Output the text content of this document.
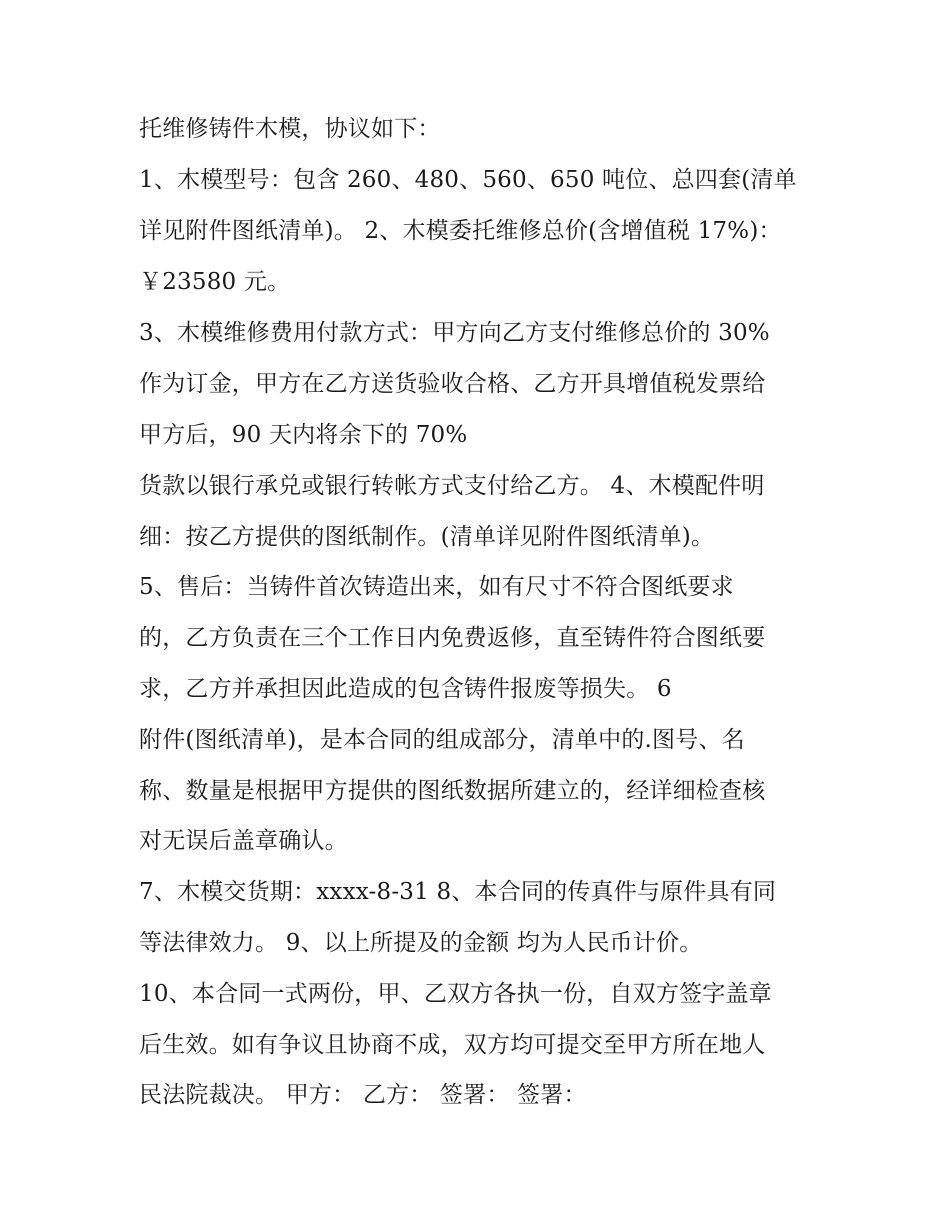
托维修铸件木模，协议如下：
1、木模型号：包含 260、480、560、650 吨位、总四套(清单
详见附件图纸清单)。 2、木模委托维修总价(含增值税 17%)：
￥23580 元。
3、木模维修费用付款方式：甲方向乙方支付维修总价的 30%
作为订金，甲方在乙方送货验收合格、乙方开具增值税发票给
甲方后，90 天内将余下的 70%
货款以银行承兑或银行转帐方式支付给乙方。 4、木模配件明
细：按乙方提供的图纸制作。(清单详见附件图纸清单)。
5、售后：当铸件首次铸造出来，如有尺寸不符合图纸要求
的，乙方负责在三个工作日内免费返修，直至铸件符合图纸要
求，乙方并承担因此造成的包含铸件报废等损失。 6
附件(图纸清单)，是本合同的组成部分，清单中的.图号、名
称、数量是根据甲方提供的图纸数据所建立的，经详细检查核
对无误后盖章确认。
7、木模交货期：xxxx-8-31 8、本合同的传真件与原件具有同
等法律效力。 9、以上所提及的金额 均为人民币计价。
10、本合同一式两份，甲、乙双方各执一份，自双方签字盖章
后生效。如有争议且协商不成，双方均可提交至甲方所在地人
民法院裁决。 甲方： 乙方： 签署： 签署：
